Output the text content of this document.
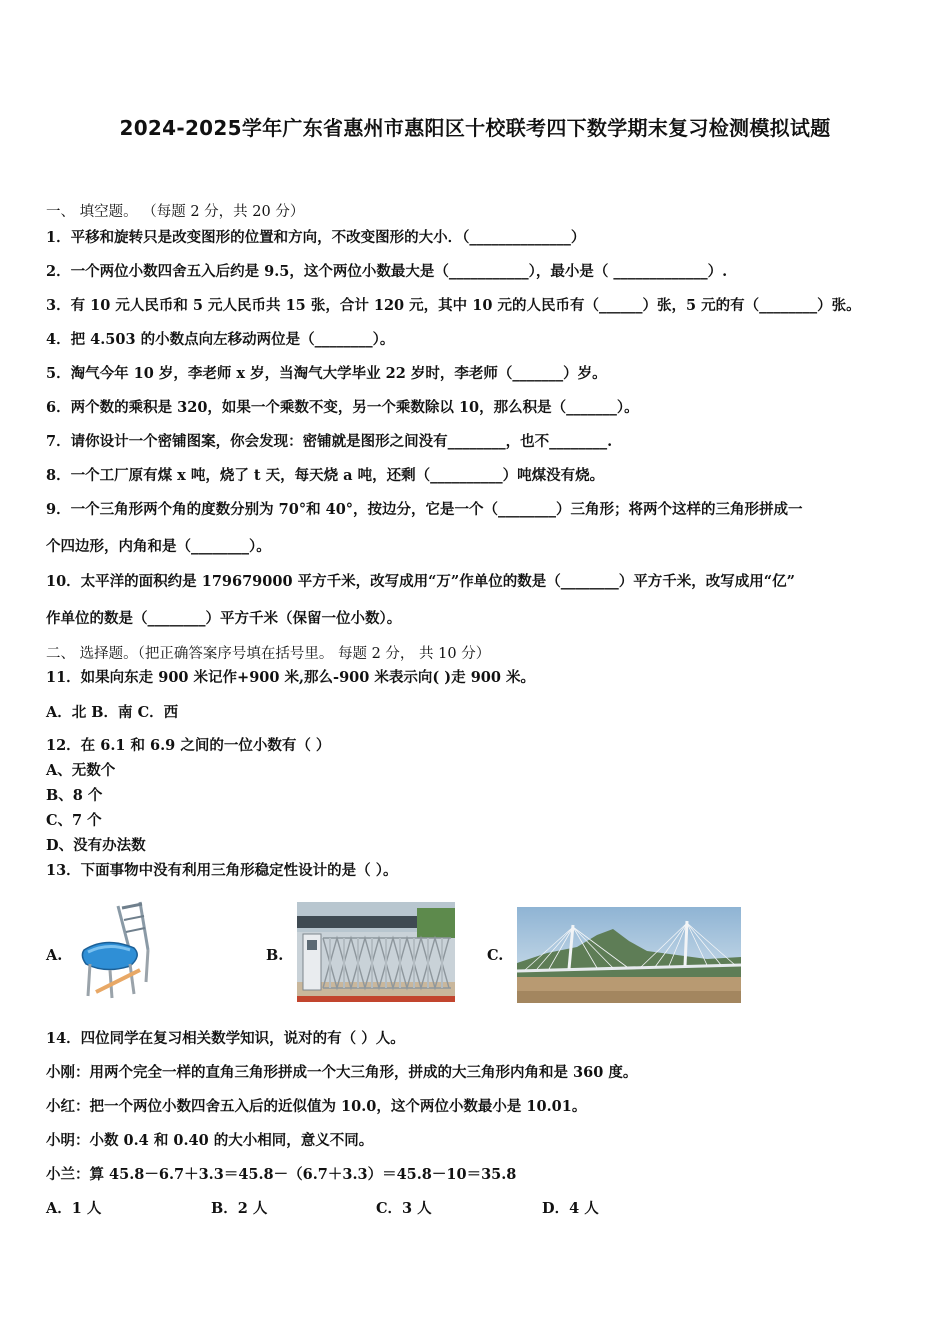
2024-2025学年广东省惠州市惠阳区十校联考四下数学期末复习检测模拟试题
一、 填空题。 （每题 2 分，共 20 分）
1．平移和旋转只是改变图形的位置和方向，不改变图形的大小．（______________）
2．一个两位小数四舍五入后约是 9.5，这个两位小数最大是（___________），最小是（ _____________）.
3．有 10 元人民币和 5 元人民币共 15 张，合计 120 元，其中 10 元的人民币有（______）张，5 元的有（________）张。
4．把 4.503 的小数点向左移动两位是（________）。
5．淘气今年 10 岁，李老师 x 岁，当淘气大学毕业 22 岁时，李老师（_______）岁。
6．两个数的乘积是 320，如果一个乘数不变，另一个乘数除以 10，那么积是（_______）。
7．请你设计一个密铺图案，你会发现：密铺就是图形之间没有________，也不________.
8．一个工厂原有煤 x 吨，烧了 t 天，每天烧 a 吨，还剩（__________）吨煤没有烧。
9．一个三角形两个角的度数分别为 70°和 40°，按边分，它是一个（________）三角形；将两个这样的三角形拼成一
个四边形，内角和是（________）。
10．太平洋的面积约是 179679000 平方千米，改写成用“万”作单位的数是（________）平方千米，改写成用“亿”
作单位的数是（________）平方千米（保留一位小数）。
二、 选择题。（把正确答案序号填在括号里。 每题 2 分， 共 10 分）
11．如果向东走 900 米记作+900 米,那么-900 米表示向( )走 900 米。
A．北 B．南 C．西
12．在 6.1 和 6.9 之间的一位小数有（ ）
A、无数个
B、8 个
C、7 个
D、没有办法数
13．下面事物中没有利用三角形稳定性设计的是（ ）。
A.	B.	C.
14．四位同学在复习相关数学知识，说对的有（ ）人。
小刚：用两个完全一样的直角三角形拼成一个大三角形，拼成的大三角形内角和是 360 度。
小红：把一个两位小数四舍五入后的近似值为 10.0，这个两位小数最小是 10.01。
小明：小数 0.4 和 0.40 的大小相同，意义不同。
小兰：算 45.8－6.7＋3.3＝45.8－（6.7＋3.3）＝45.8－10＝35.8
A．1 人	B．2 人	C．3 人	D．4 人
